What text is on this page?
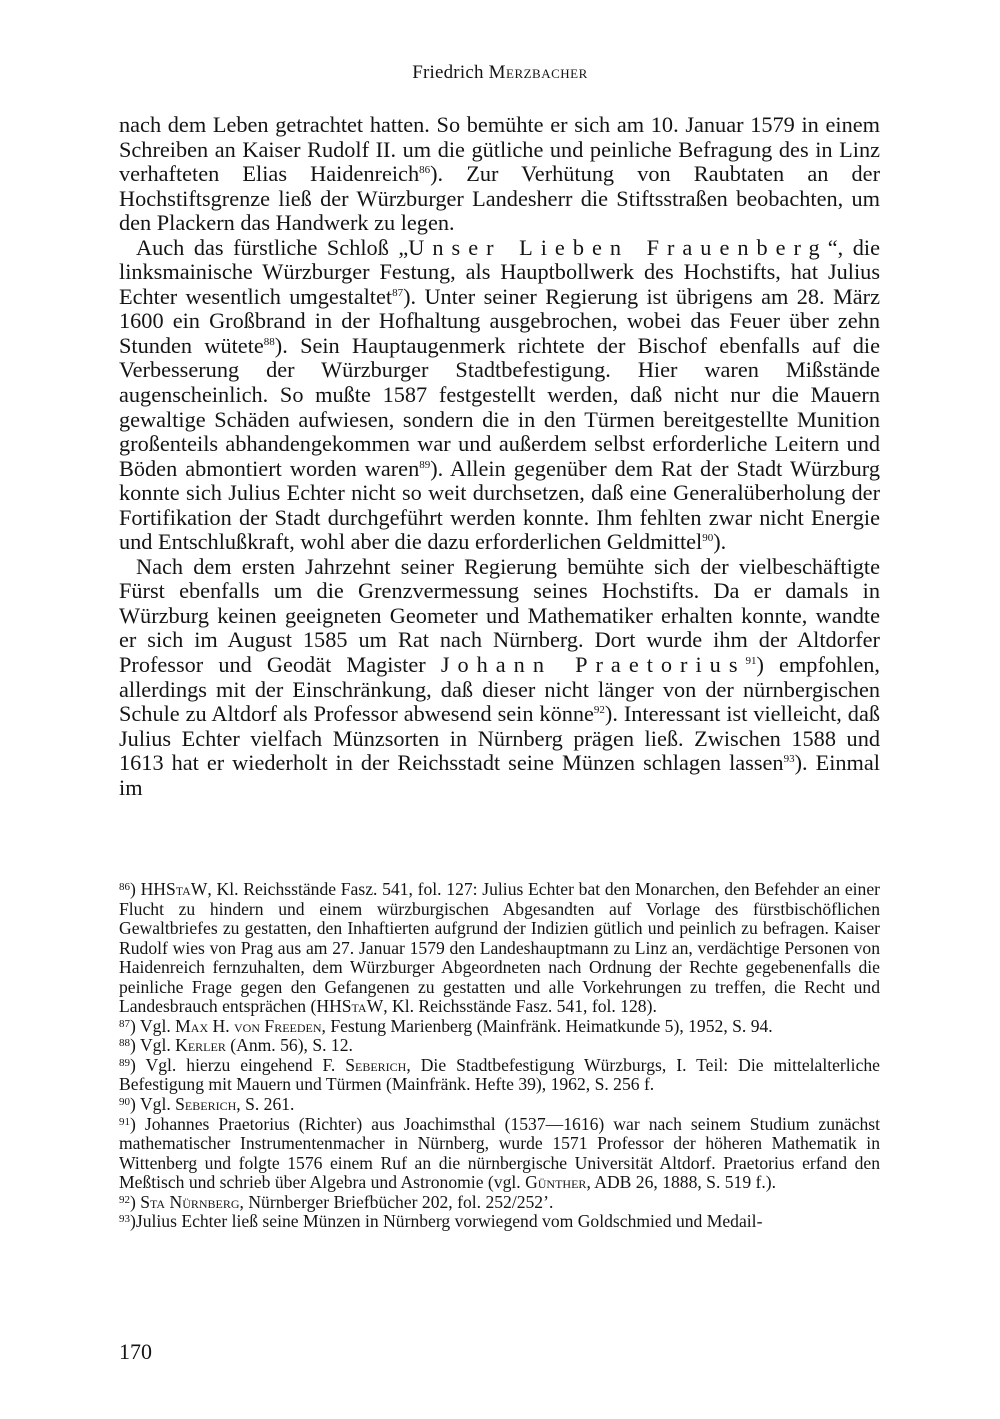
Friedrich Merzbacher

nach dem Leben getrachtet hatten. So bemühte er sich am 10. Januar 1579 in einem Schreiben an Kaiser Rudolf II. um die gütliche und peinliche Befragung des in Linz verhafteten Elias Haidenreich$^{86}$). Zur Verhütung von Raubtaten an der Hochstiftsgrenze ließ der Würzburger Landesherr die Stiftsstraßen beobachten, um den Plackern das Handwerk zu legen.

Auch das fürstliche Schloß „Unser Lieben Frauenberg“, die linksmainische Würzburger Festung, als Hauptbollwerk des Hochstifts, hat Julius Echter wesentlich umgestaltet$^{87}$). Unter seiner Regierung ist übrigens am 28. März 1600 ein Großbrand in der Hofhaltung ausgebrochen, wobei das Feuer über zehn Stunden wütete$^{88}$). Sein Hauptaugenmerk richtete der Bischof ebenfalls auf die Verbesserung der Würzburger Stadtbefestigung. Hier waren Mißstände augenscheinlich. So mußte 1587 festgestellt werden, daß nicht nur die Mauern gewaltige Schäden aufwiesen, sondern die in den Türmen bereitgestellte Munition großenteils abhandengekommen war und außerdem selbst erforderliche Leitern und Böden abmontiert worden waren$^{89}$). Allein gegenüber dem Rat der Stadt Würzburg konnte sich Julius Echter nicht so weit durchsetzen, daß eine Generalüberholung der Fortifikation der Stadt durchgeführt werden konnte. Ihm fehlten zwar nicht Energie und Entschlußkraft, wohl aber die dazu erforderlichen Geldmittel$^{90}$).

Nach dem ersten Jahrzehnt seiner Regierung bemühte sich der vielbeschäftigte Fürst ebenfalls um die Grenzvermessung seines Hochstifts. Da er damals in Würzburg keinen geeigneten Geometer und Mathematiker erhalten konnte, wandte er sich im August 1585 um Rat nach Nürnberg. Dort wurde ihm der Altdorfer Professor und Geodät Magister Johann Praetorius$^{91}$) empfohlen, allerdings mit der Einschränkung, daß dieser nicht länger von der nürnbergischen Schule zu Altdorf als Professor abwesend sein könne$^{92}$). Interessant ist vielleicht, daß Julius Echter vielfach Münzsorten in Nürnberg prägen ließ. Zwischen 1588 und 1613 hat er wiederholt in der Reichsstadt seine Münzen schlagen lassen$^{93}$). Einmal im

$^{86}$) HHStaW, Kl. Reichsstände Fasz. 541, fol. 127: Julius Echter bat den Monarchen, den Befehder an einer Flucht zu hindern und einem würzburgischen Abgesandten auf Vorlage des fürstbischöflichen Gewaltbriefes zu gestatten, den Inhaftierten aufgrund der Indizien gütlich und peinlich zu befragen. Kaiser Rudolf wies von Prag aus am 27. Januar 1579 den Landeshauptmann zu Linz an, verdächtige Personen von Haidenreich fernzuhalten, dem Würzburger Abgeordneten nach Ordnung der Rechte gegebenenfalls die peinliche Frage gegen den Gefangenen zu gestatten und alle Vorkehrungen zu treffen, die Recht und Landesbrauch entsprächen (HHStaW, Kl. Reichsstände Fasz. 541, fol. 128).

$^{87}$) Vgl. Max H. von Freeden, Festung Marienberg (Mainfränk. Heimatkunde 5), 1952, S. 94.

$^{88}$) Vgl. Kerler (Anm. 56), S. 12.

$^{89}$) Vgl. hierzu eingehend F. Seberich, Die Stadtbefestigung Würzburgs, I. Teil: Die mittelalterliche Befestigung mit Mauern und Türmen (Mainfränk. Hefte 39), 1962, S. 256 f.

$^{90}$) Vgl. Seberich, S. 261.

$^{91}$) Johannes Praetorius (Richter) aus Joachimsthal (1537—1616) war nach seinem Studium zunächst mathematischer Instrumentenmacher in Nürnberg, wurde 1571 Professor der höheren Mathematik in Wittenberg und folgte 1576 einem Ruf an die nürnbergische Universität Altdorf. Praetorius erfand den Meßtisch und schrieb über Algebra und Astronomie (vgl. Günther, ADB 26, 1888, S. 519 f.).

$^{92}$) Sta Nürnberg, Nürnberger Briefbücher 202, fol. 252/252’.

$^{93}$)Julius Echter ließ seine Münzen in Nürnberg vorwiegend vom Goldschmied und Medail-

170
